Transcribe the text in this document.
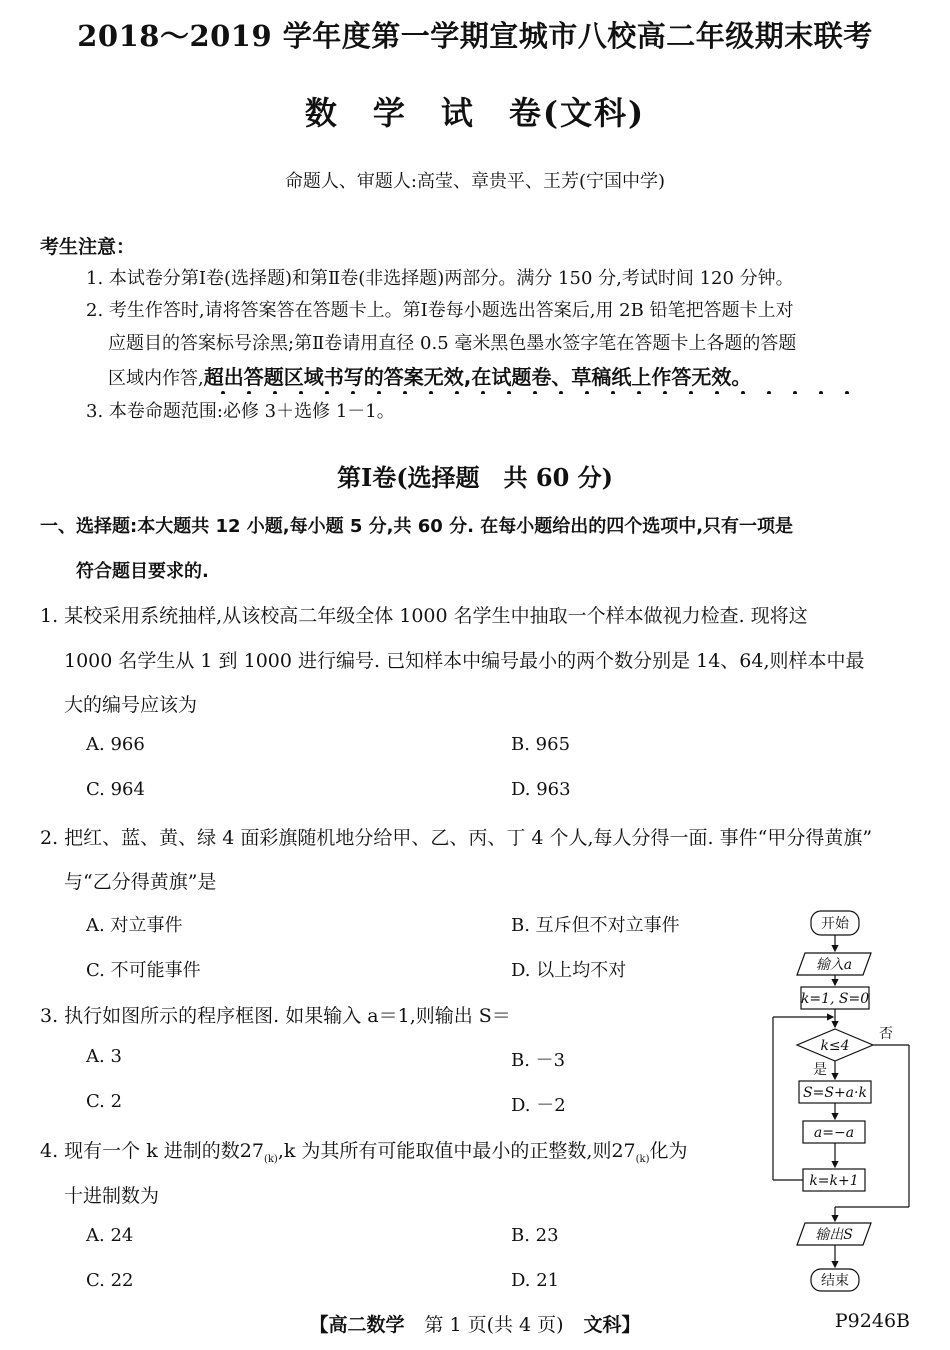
2018～2019 学年度第一学期宣城市八校高二年级期末联考
数　学　试　卷(文科)
命题人、审题人:高莹、章贵平、王芳(宁国中学)
考生注意：
1. 本试卷分第Ⅰ卷(选择题)和第Ⅱ卷(非选择题)两部分。满分 150 分,考试时间 120 分钟。
2. 考生作答时,请将答案答在答题卡上。第Ⅰ卷每小题选出答案后,用 2B 铅笔把答题卡上对
应题目的答案标号涂黑;第Ⅱ卷请用直径 0.5 毫米黑色墨水签字笔在答题卡上各题的答题
区域内作答,超出答题区域书写的答案无效,在试题卷、草稿纸上作答无效。
3. 本卷命题范围:必修 3＋选修 1－1。
第Ⅰ卷(选择题　共 60 分)
一、选择题:本大题共 12 小题,每小题 5 分,共 60 分. 在每小题给出的四个选项中,只有一项是
符合题目要求的.
1. 某校采用系统抽样,从该校高二年级全体 1000 名学生中抽取一个样本做视力检查. 现将这
1000 名学生从 1 到 1000 进行编号. 已知样本中编号最小的两个数分别是 14、64,则样本中最
大的编号应该为
A. 966	B. 965
C. 964	D. 963
2. 把红、蓝、黄、绿 4 面彩旗随机地分给甲、乙、丙、丁 4 个人,每人分得一面. 事件“甲分得黄旗”
与“乙分得黄旗”是
A. 对立事件	B. 互斥但不对立事件
C. 不可能事件	D. 以上均不对
3. 执行如图所示的程序框图. 如果输入 a＝1,则输出 S＝
A. 3	B. －3
C. 2	D. －2
4. 现有一个 k 进制的数$27_{(k)},k$ 为其所有可能取值中最小的正整数,则$27_{(k)}$化为
十进制数为
A. 24	B. 23
C. 22	D. 21
开始
输入a
k=1, S=0
k≤4
是
否
S=S+a·k
a=−a
k=k+1
输出S
结束
【高二数学 第 1 页(共 4 页) 文科】	P9246B
